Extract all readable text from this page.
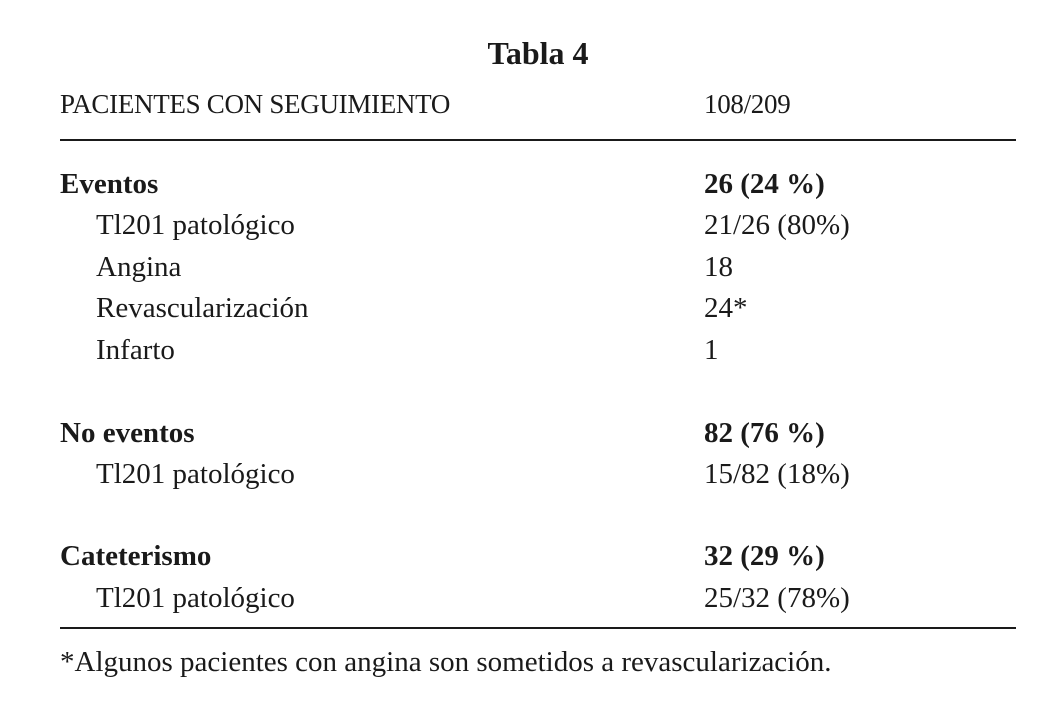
Tabla 4
PACIENTES CON SEGUIMIENTO	108/209
Eventos	26 (24 %)
Tl201 patológico	21/26 (80%)
Angina	18
Revascularización	24*
Infarto	1
No eventos	82 (76 %)
Tl201 patológico	15/82 (18%)
Cateterismo	32 (29 %)
Tl201 patológico	25/32 (78%)
*Algunos pacientes con angina son sometidos a revascularización.
